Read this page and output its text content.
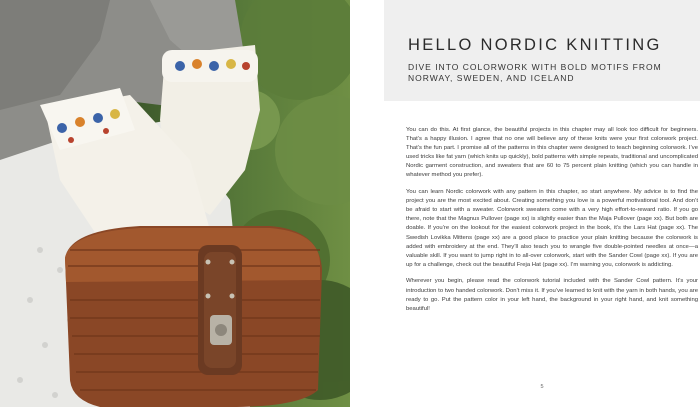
HELLO NORDIC KNITTING

DIVE INTO COLORWORK WITH BOLD MOTIFS FROM NORWAY, SWEDEN, AND ICELAND

You can do this. At first glance, the beautiful projects in this chapter may all look too difficult for beginners. That’s a happy illusion. I agree that no one will believe any of these knits were your first colorwork project. That’s the fun part. I promise all of the patterns in this chapter were designed to teach beginning colorwork. I’ve used tricks like fat yarn (which knits up quickly), bold patterns with simple repeats, traditional and uncomplicated Nordic garment construction, and sweaters that are 60 to 75 percent plain knitting (which you can handle in whatever method you prefer).

You can learn Nordic colorwork with any pattern in this chapter, so start anywhere. My advice is to find the project you are the most excited about. Creating something you love is a powerful motivational tool. And don’t be afraid to start with a sweater. Colorwork sweaters come with a very high effort-to-reward ratio. If you go there, note that the Magnus Pullover (page xx) is slightly easier than the Maja Pullover (page xx). But both are doable. If you’re on the lookout for the easiest colorwork project in the book, it’s the Lars Hat (page xx). The Swedish Lovikka Mittens (page xx) are a good place to practice your plain knitting because the colorwork is added with embroidery at the end. They’ll also teach you to wrangle five double-pointed needles at once—a valuable skill. If you want to jump right in to all-over colorwork, start with the Sander Cowl (page xx). If you are up for a challenge, check out the beautiful Freja Hat (page xx). I’m warning you, colorwork is addicting.

Wherever you begin, please read the colorwork tutorial included with the Sander Cowl pattern. It’s your introduction to two handed colorwork. Don’t miss it. If you’ve learned to knit with the yarn in both hands, you are ready to go. Put the pattern color in your left hand, the background in your right hand, and knit something beautiful!

5
